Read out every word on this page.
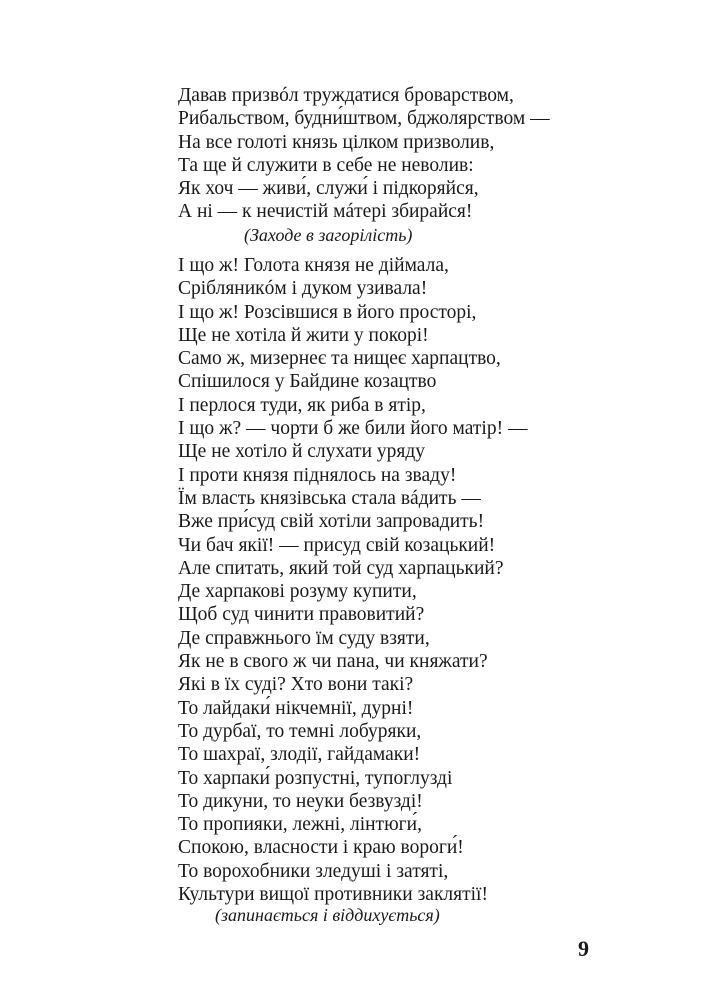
Давав призвóл труждатися броварством,
Рибальством, будни́штвом, бджолярством —
На все голоті князь цілком призволив,
Та ще й служити в себе не неволив:
Як хоч — живи́, служи́ і підкоряйся,
А ні — к нечистій мáтері збирайся!
(Заходе в загорілість)
І що ж! Голота князя не діймала,
Срібляникóм і дуком узивала!
І що ж! Розсівшися в його просторі,
Ще не хотіла й жити у покорі!
Само ж, мизернеє та нищеє харпацтво,
Спішилося у Байдине козацтво
І перлося туди, як риба в ятір,
І що ж? — чорти б же били його матір! —
Ще не хотіло й слухати уряду
І проти князя піднялось на зваду!
Їм власть князівська стала вáдить —
Вже при́суд свій хотіли запровадить!
Чи бач якії! — присуд свій козацький!
Але спитать, який той суд харпацький?
Де харпакові розуму купити,
Щоб суд чинити правовитий?
Де справжнього їм суду взяти,
Як не в свого ж чи пана, чи княжати?
Які в їх суді? Хто вони такі?
То лайдаки́ нікчемнії, дурні!
То дурбаї, то темні лобуряки,
То шахраї, злодії, гайдамаки!
То харпаки́ розпустні, тупоглузді
То дикуни, то неуки безвузді!
То пропияки, лежні, лінтюги́,
Спокою, власности і краю вороги́!
То ворохобники зледуші і затяті,
Культури вищої противники заклятії!
(запинається і віддихується)
9
